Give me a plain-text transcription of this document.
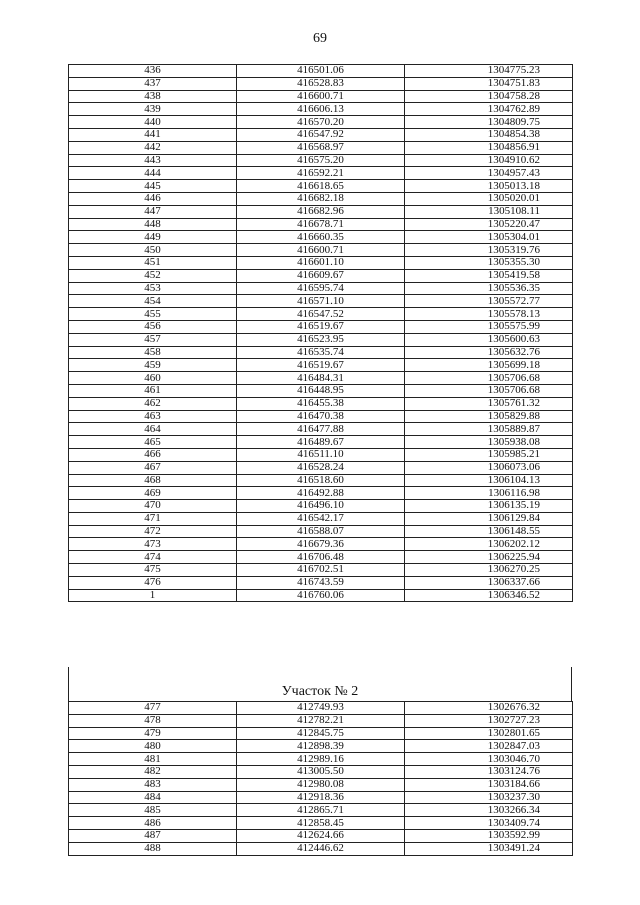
69
436	416501.06	1304775.23
437	416528.83	1304751.83
438	416600.71	1304758.28
439	416606.13	1304762.89
440	416570.20	1304809.75
441	416547.92	1304854.38
442	416568.97	1304856.91
443	416575.20	1304910.62
444	416592.21	1304957.43
445	416618.65	1305013.18
446	416682.18	1305020.01
447	416682.96	1305108.11
448	416678.71	1305220.47
449	416660.35	1305304.01
450	416600.71	1305319.76
451	416601.10	1305355.30
452	416609.67	1305419.58
453	416595.74	1305536.35
454	416571.10	1305572.77
455	416547.52	1305578.13
456	416519.67	1305575.99
457	416523.95	1305600.63
458	416535.74	1305632.76
459	416519.67	1305699.18
460	416484.31	1305706.68
461	416448.95	1305706.68
462	416455.38	1305761.32
463	416470.38	1305829.88
464	416477.88	1305889.87
465	416489.67	1305938.08
466	416511.10	1305985.21
467	416528.24	1306073.06
468	416518.60	1306104.13
469	416492.88	1306116.98
470	416496.10	1306135.19
471	416542.17	1306129.84
472	416588.07	1306148.55
473	416679.36	1306202.12
474	416706.48	1306225.94
475	416702.51	1306270.25
476	416743.59	1306337.66
1	416760.06	1306346.52
Участок № 2
477	412749.93	1302676.32
478	412782.21	1302727.23
479	412845.75	1302801.65
480	412898.39	1302847.03
481	412989.16	1303046.70
482	413005.50	1303124.76
483	412980.08	1303184.66
484	412918.36	1303237.30
485	412865.71	1303266.34
486	412858.45	1303409.74
487	412624.66	1303592.99
488	412446.62	1303491.24
